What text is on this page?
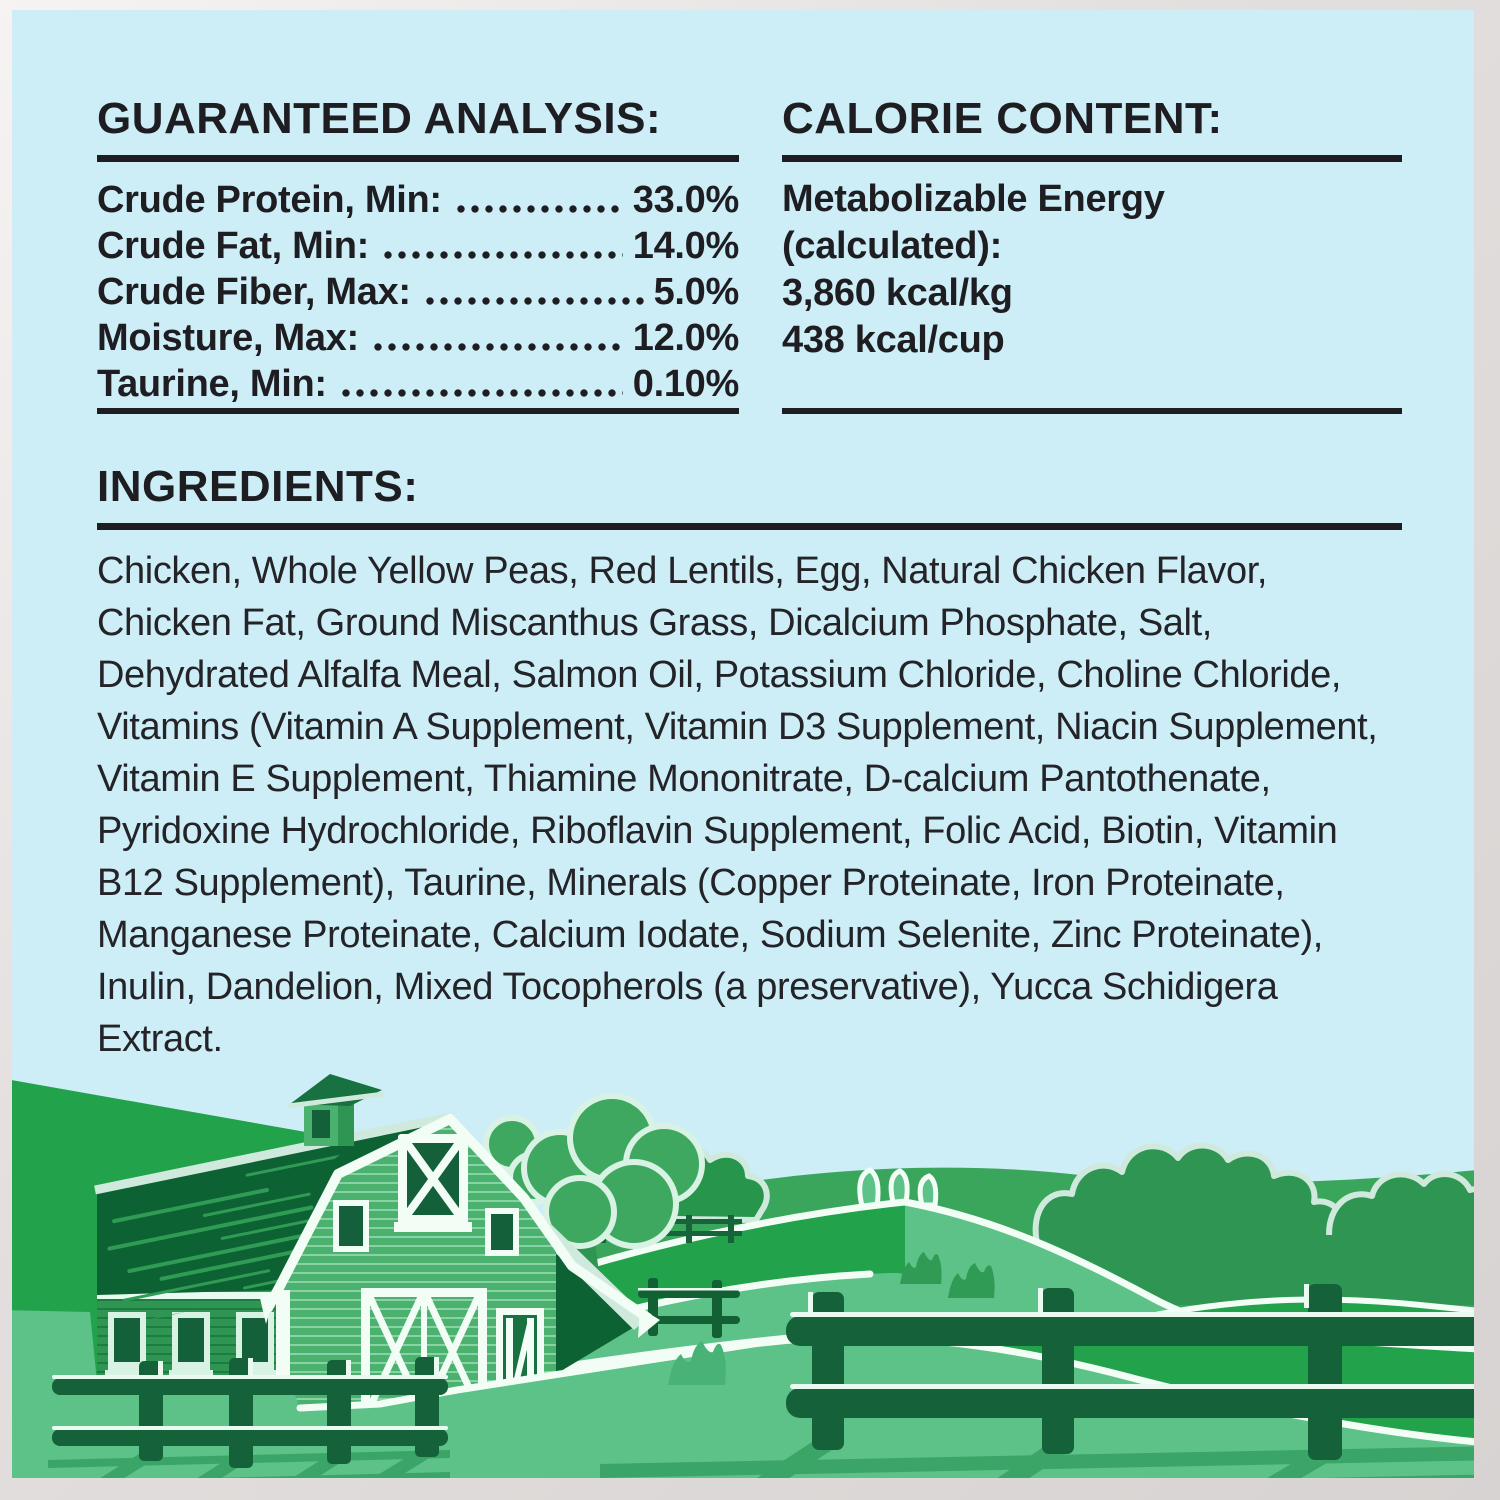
GUARANTEED ANALYSIS:
Crude Protein, Min:	33.0%
Crude Fat, Min:	14.0%
Crude Fiber, Max:	5.0%
Moisture, Max:	12.0%
Taurine, Min:	0.10%
CALORIE CONTENT:
Metabolizable Energy
(calculated):
3,860 kcal/kg
438 kcal/cup
INGREDIENTS:
Chicken, Whole Yellow Peas, Red Lentils, Egg, Natural Chicken Flavor, Chicken Fat, Ground Miscanthus Grass, Dicalcium Phosphate, Salt, Dehydrated Alfalfa Meal, Salmon Oil, Potassium Chloride, Choline Chloride, Vitamins (Vitamin A Supplement, Vitamin D3 Supplement, Niacin Supplement, Vitamin E Supplement, Thiamine Mononitrate, D-calcium Pantothenate, Pyridoxine Hydrochloride, Riboflavin Supplement, Folic Acid, Biotin, Vitamin B12 Supplement), Taurine, Minerals (Copper Proteinate, Iron Proteinate, Manganese Proteinate, Calcium Iodate, Sodium Selenite, Zinc Proteinate), Inulin, Dandelion, Mixed Tocopherols (a preservative), Yucca Schidigera Extract.
